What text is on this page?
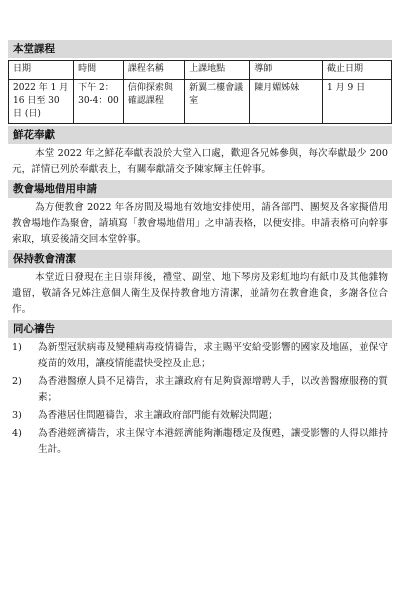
本堂課程
日期	時間	課程名稱	上課地點	導師	截止日期
2022 年 1 月 16 日至 30 日 (日)	下午 2：30-4：00	信仰探索與確認課程	新翼二樓會議室	陳月媚姊妹	1 月 9 日
鮮花奉獻

本堂 2022 年之鮮花奉獻表設於大堂入口處，歡迎各兄姊參與，每次奉獻最少 200 元，詳情已列於奉獻表上，有關奉獻請交予陳家輝主任幹事。

教會場地借用申請

為方便教會 2022 年各房間及場地有效地安排使用，請各部門、團契及各家擬借用教會場地作為聚會，請填寫「教會場地借用」之申請表格，以便安排。申請表格可向幹事索取，填妥後請交回本堂幹事。

保持教會清潔

本堂近日發現在主日崇拜後，禮堂、副堂、地下琴房及彩虹地均有紙巾及其他雜物遺留，敬請各兄姊注意個人衛生及保持教會地方清潔，並請勿在教會進食，多謝各位合作。

同心禱告
1)	為新型冠狀病毒及變種病毒疫情禱告，求主賜平安給受影響的國家及地區，並保守疫苗的效用，讓疫情能盡快受控及止息；
2)	為香港醫療人員不足禱告，求主讓政府有足夠資源增聘人手，以改善醫療服務的質素；
3)	為香港居住問題禱告，求主讓政府部門能有效解決問題；
4)	為香港經濟禱告，求主保守本港經濟能夠漸趨穩定及復甦，讓受影響的人得以維持生計。
